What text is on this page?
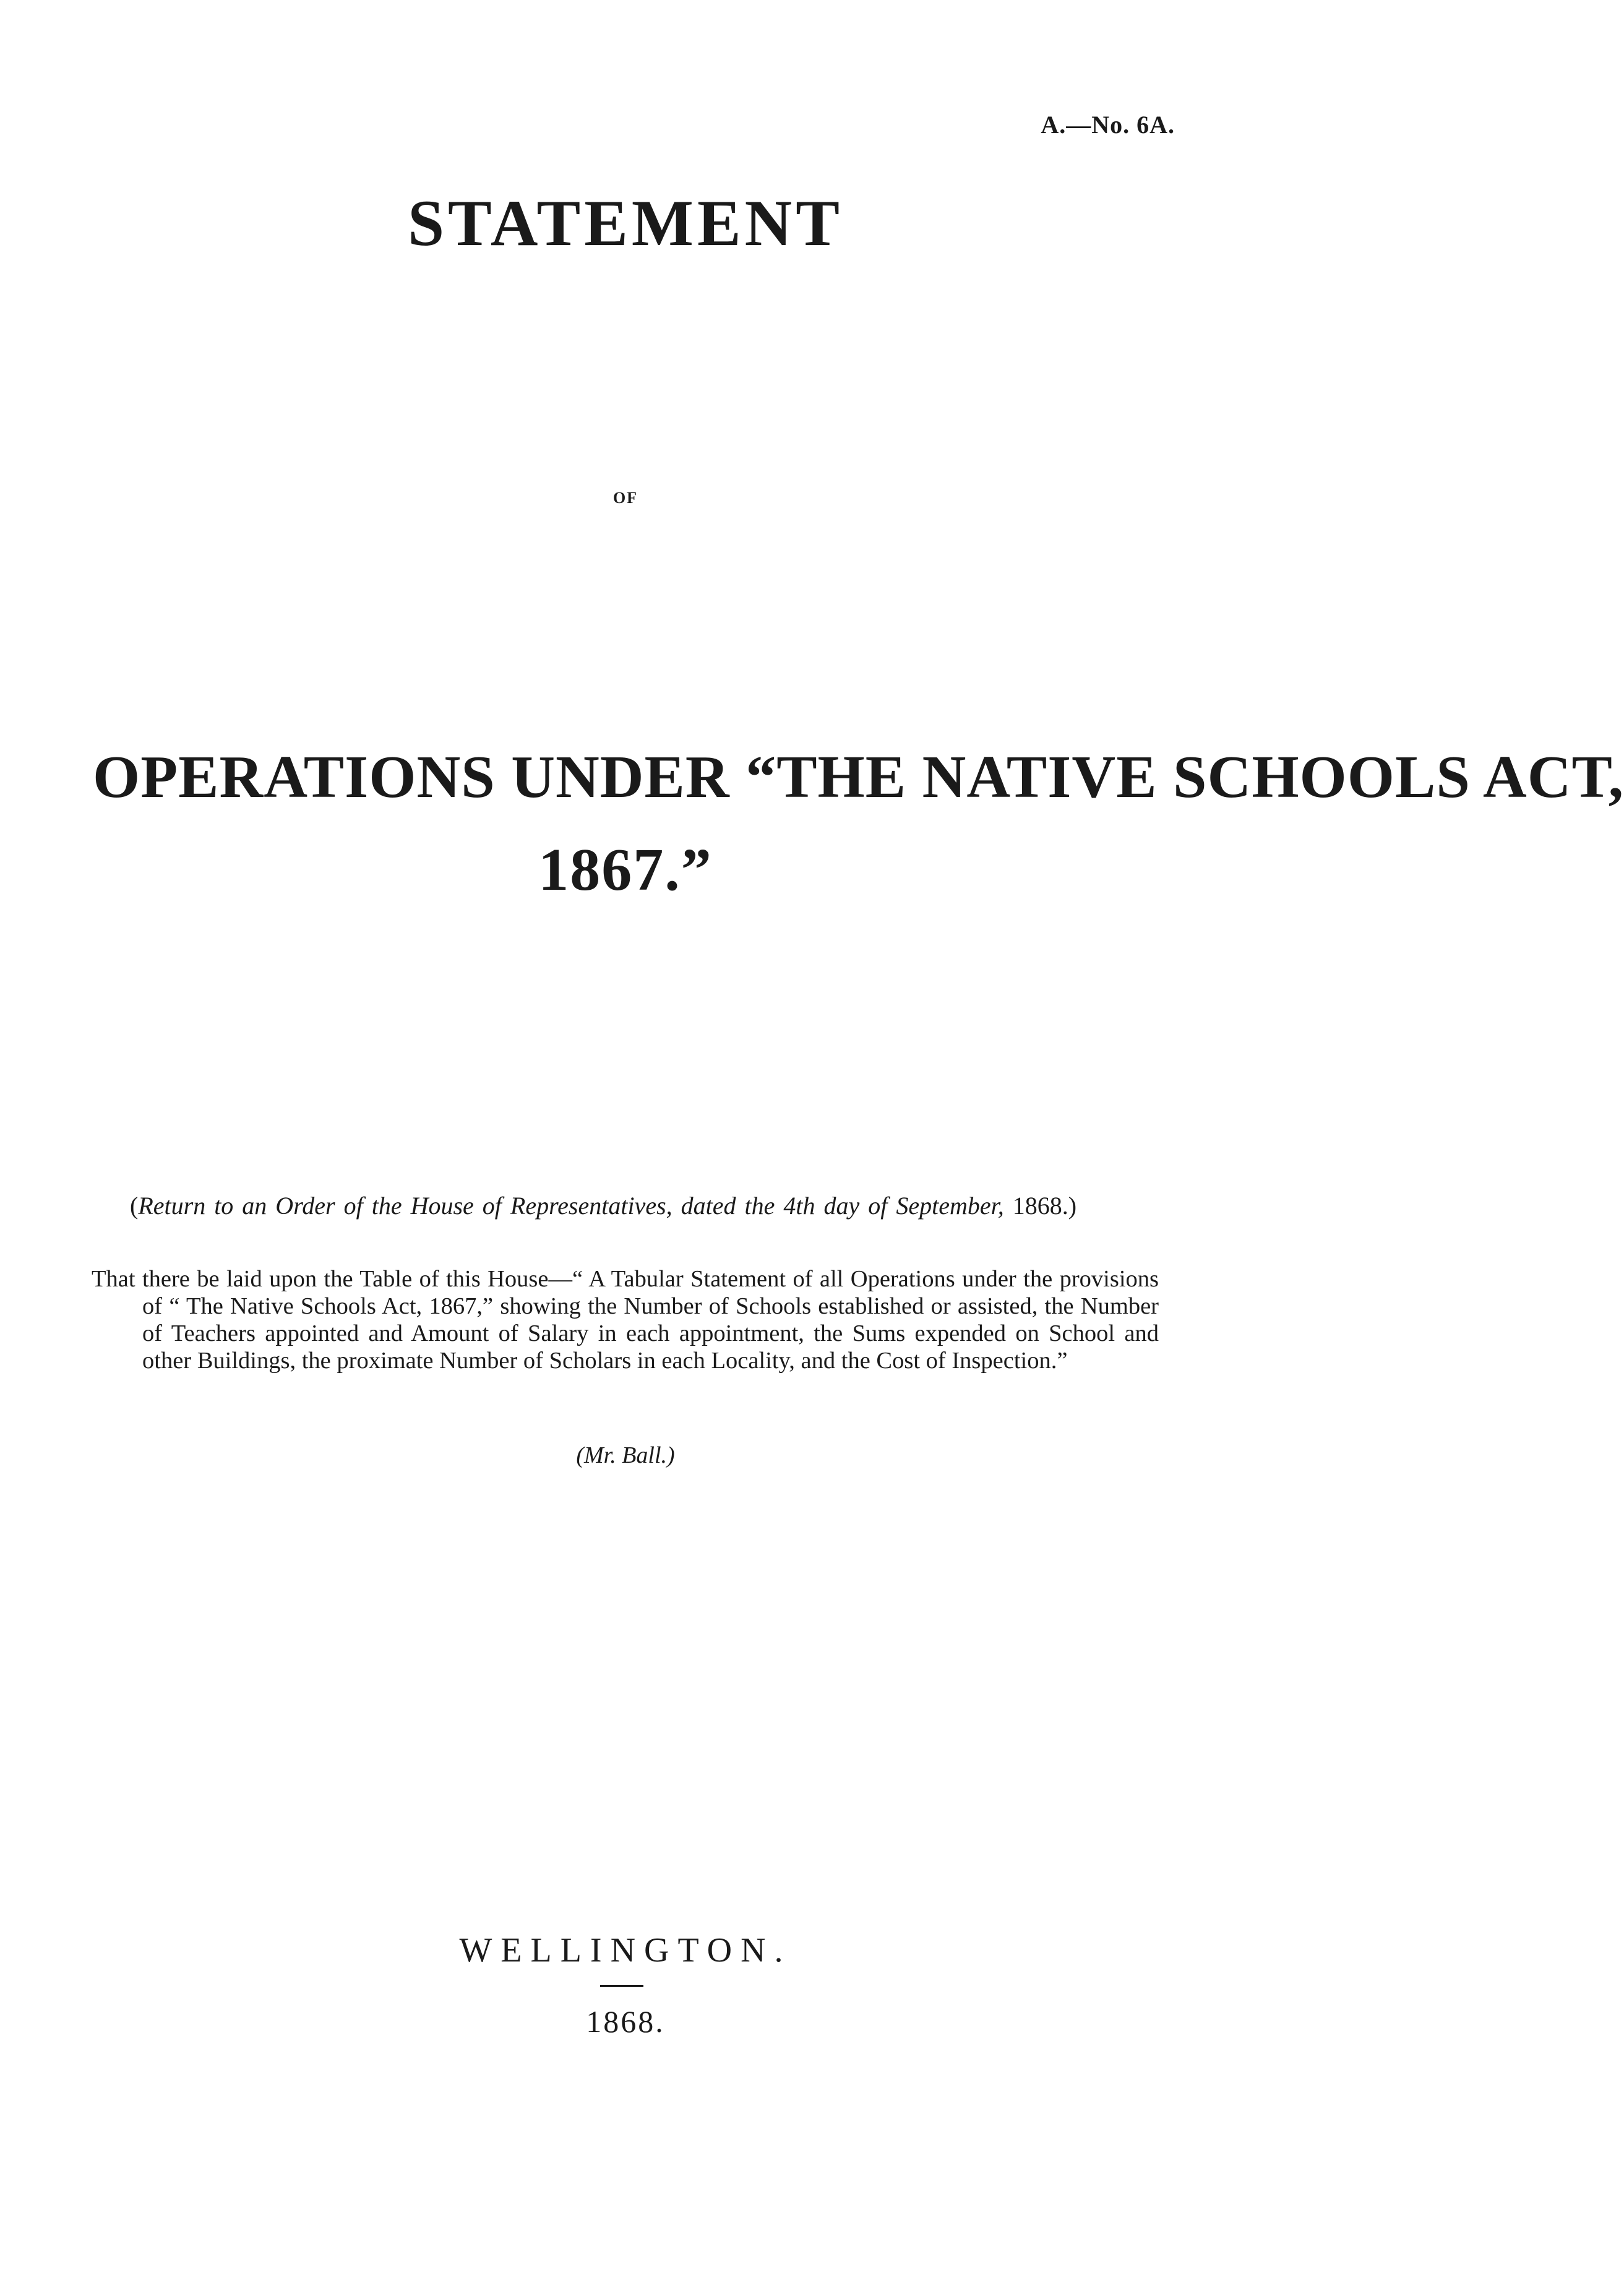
A.—No. 6A.
STATEMENT
OF
OPERATIONS UNDER “THE NATIVE SCHOOLS ACT,
1867.”
(Return to an Order of the House of Representatives, dated the 4th day of September, 1868.)

That there be laid upon the Table of this House—“ A Tabular Statement of all Operations under the provisions of “ The Native Schools Act, 1867,” showing the Number of Schools established or assisted, the Number of Teachers appointed and Amount of Salary in each appointment, the Sums expended on School and other Buildings, the proximate Number of Scholars in each Locality, and the Cost of Inspection.”

(Mr. Ball.)
WELLINGTON.
1868.
